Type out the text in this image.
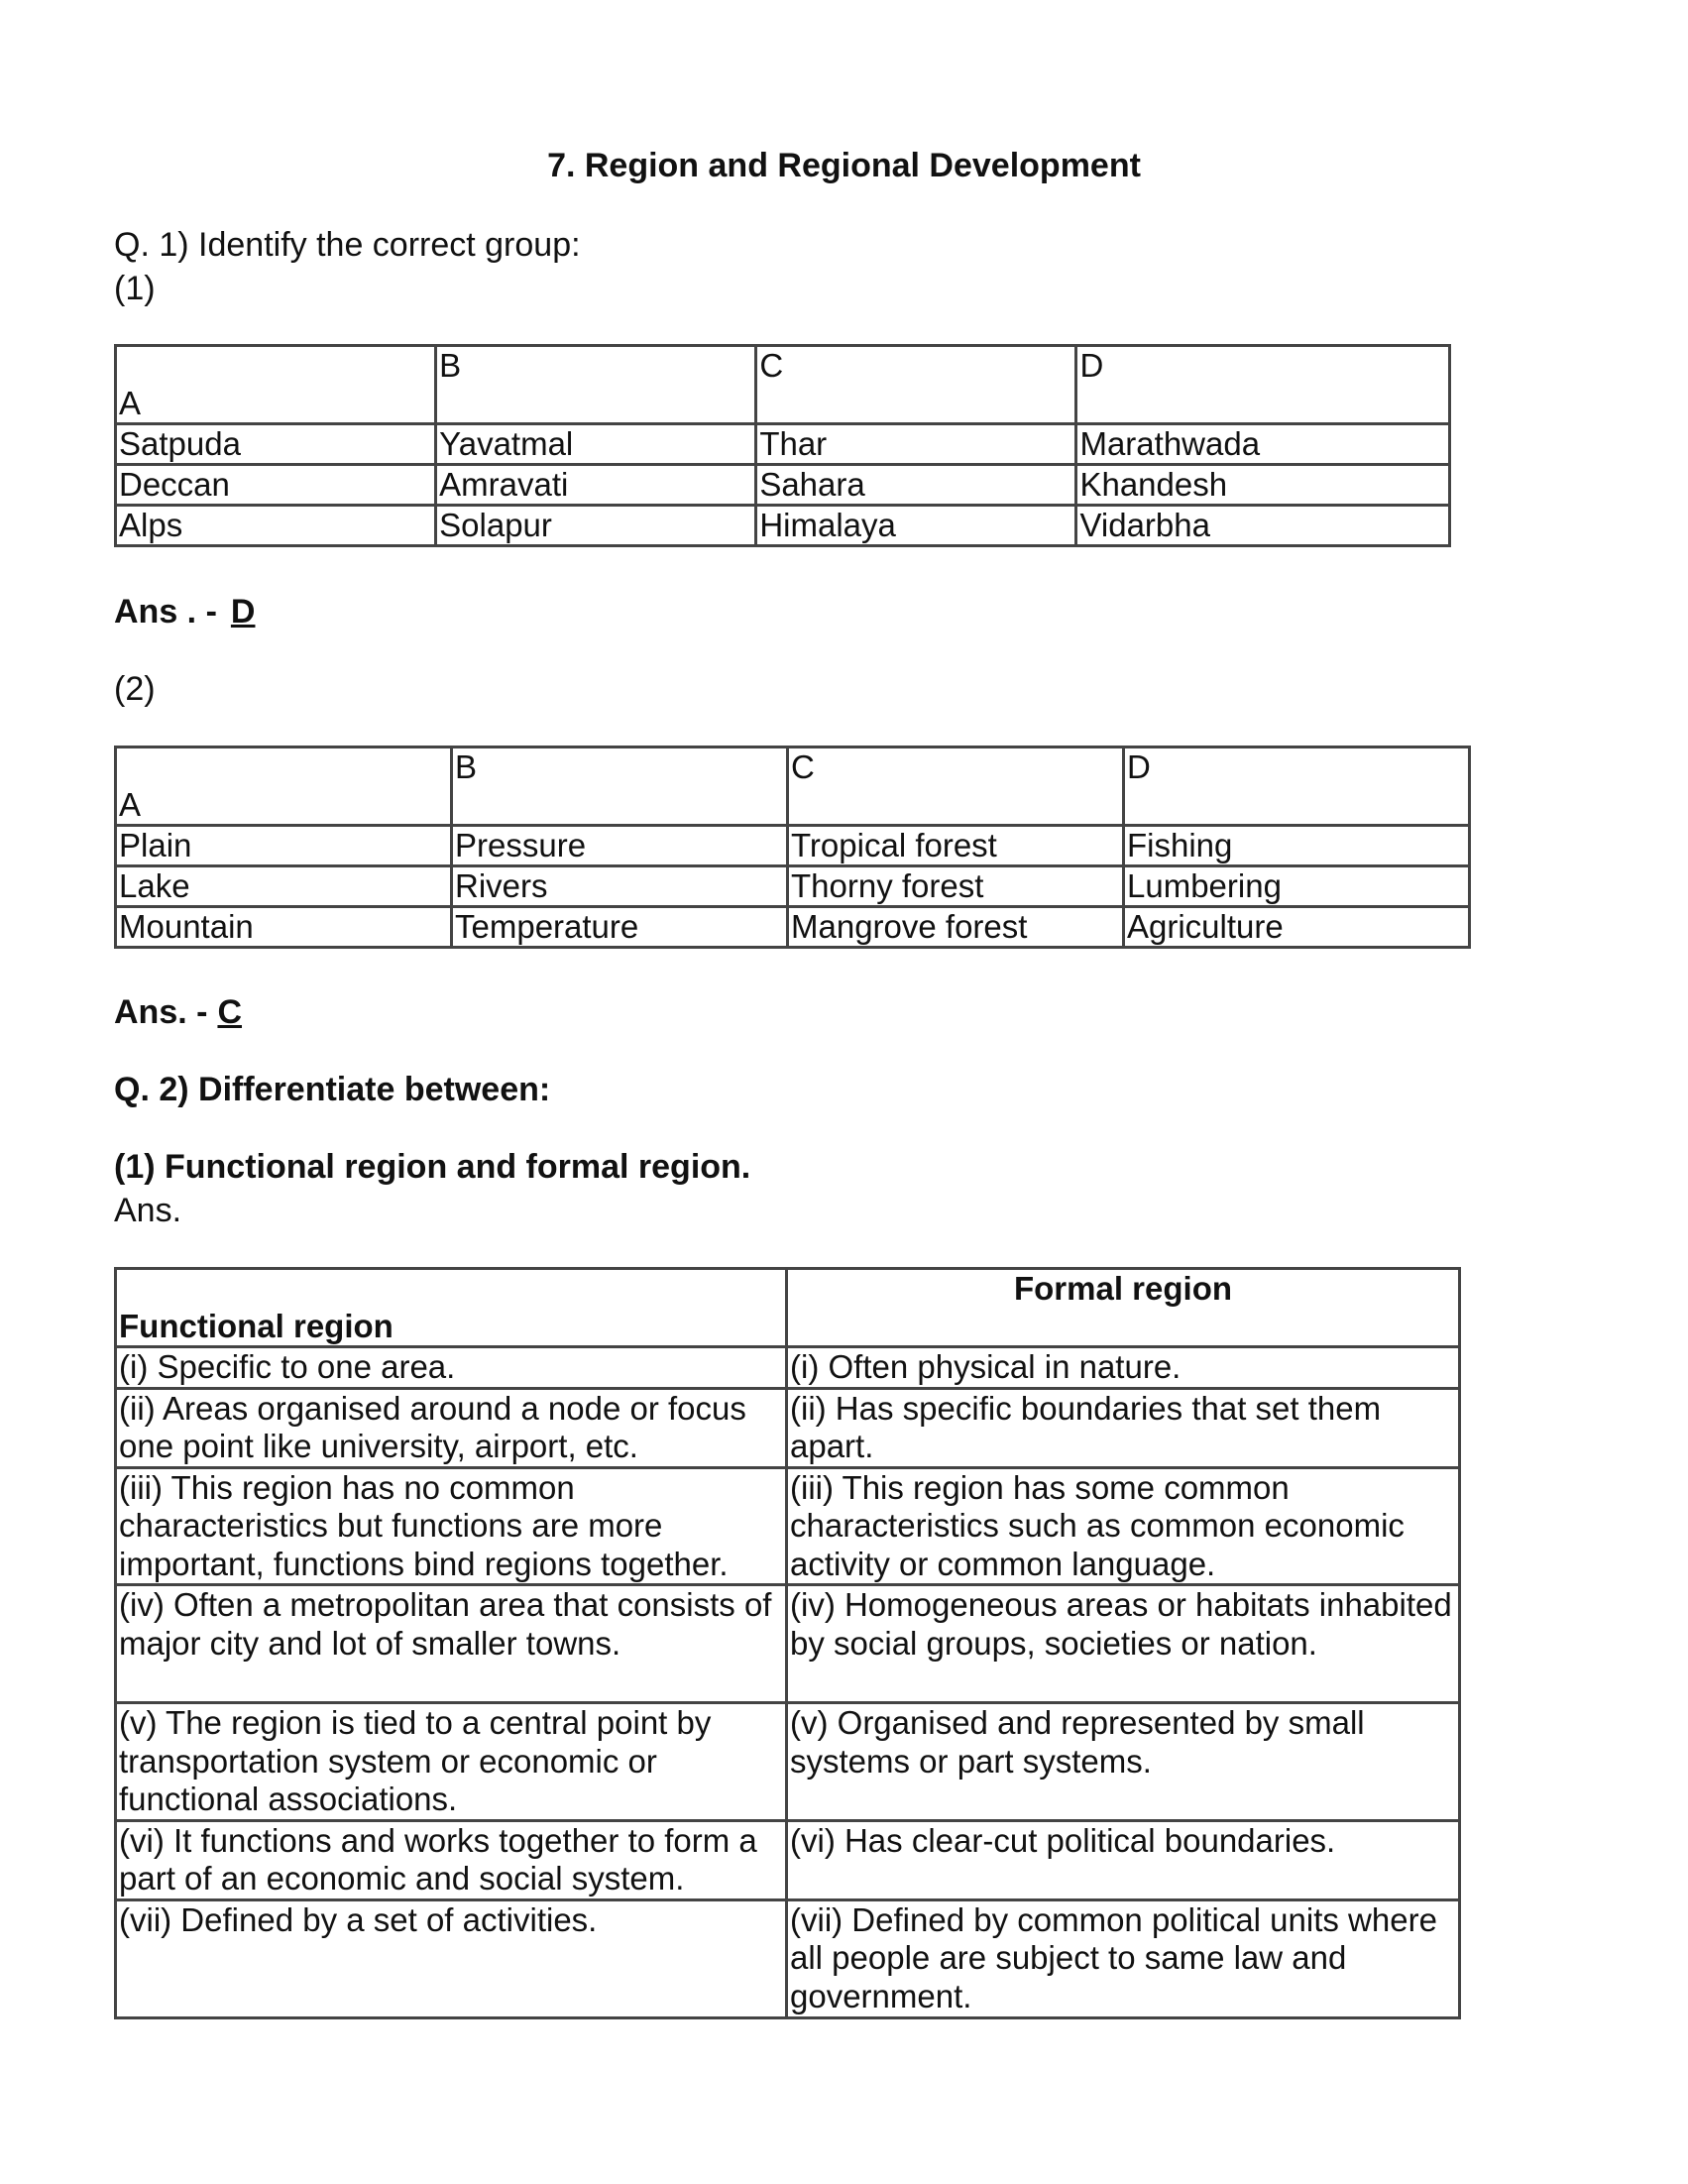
7. Region and Regional Development
Q. 1) Identify the correct group:
(1)
A	B	C	D
Satpuda	Yavatmal	Thar	Marathwada
Deccan	Amravati	Sahara	Khandesh
Alps	Solapur	Himalaya	Vidarbha
Ans . - D
(2)
A	B	C	D
Plain	Pressure	Tropical forest	Fishing
Lake	Rivers	Thorny forest	Lumbering
Mountain	Temperature	Mangrove forest	Agriculture
Ans. - C
Q. 2) Differentiate between:
(1) Functional region and formal region.
Ans.
Functional region	Formal region
(i) Specific to one area.	(i) Often physical in nature.
(ii) Areas organised around a node or focus one point like university, airport, etc.	(ii) Has specific boundaries that set them apart.
(iii) This region has no common characteristics but functions are more important, functions bind regions together.	(iii) This region has some common characteristics such as common economic activity or common language.
(iv) Often a metropolitan area that consists of major city and lot of smaller towns.	(iv) Homogeneous areas or habitats inhabited by social groups, societies or nation.
(v) The region is tied to a central point by transportation system or economic or functional associations.	(v) Organised and represented by small systems or part systems.
(vi) It functions and works together to form a part of an economic and social system.	(vi) Has clear-cut political boundaries.
(vii) Defined by a set of activities.	(vii) Defined by common political units where all people are subject to same law and government.
